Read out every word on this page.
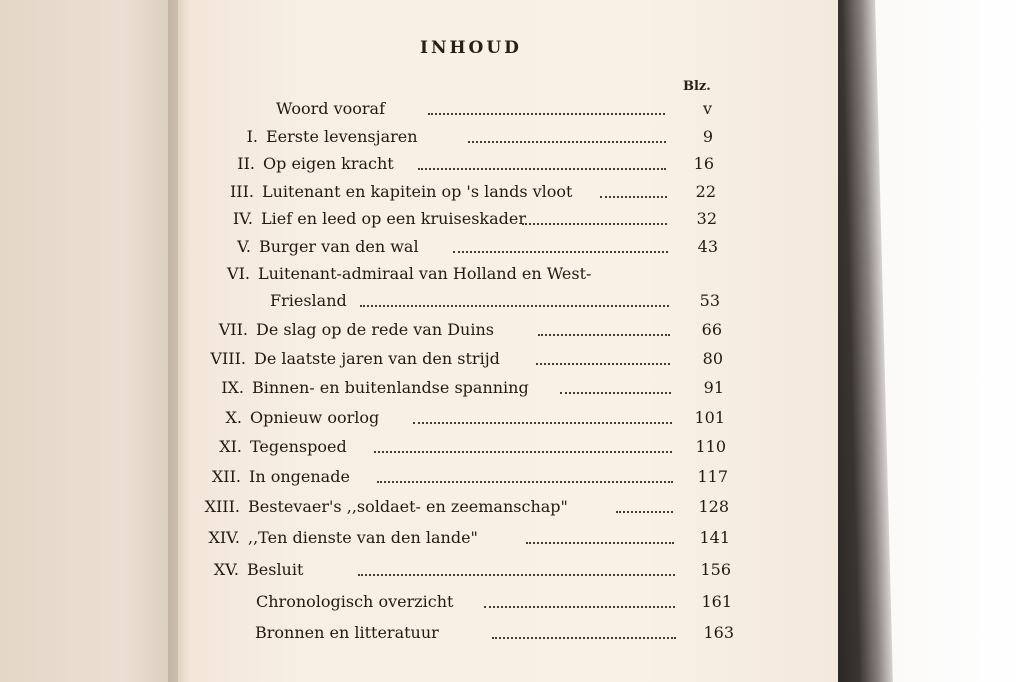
INHOUD
Blz.
Woord vooraf	v
I. Eerste levensjaren	9
II. Op eigen kracht	16
III. Luitenant en kapitein op 's lands vloot	22
IV. Lief en leed op een kruiseskader	32
V. Burger van den wal	43
VI. Luitenant-admiraal van Holland en West-
Friesland	53
VII. De slag op de rede van Duins	66
VIII. De laatste jaren van den strijd	80
IX. Binnen- en buitenlandse spanning	91
X. Opnieuw oorlog	101
XI. Tegenspoed	110
XII. In ongenade	117
XIII. Bestevaer's ,,soldaet- en zeemanschap"	128
XIV. ,,Ten dienste van den lande"	141
XV. Besluit	156
Chronologisch overzicht	161
Bronnen en litteratuur	163
